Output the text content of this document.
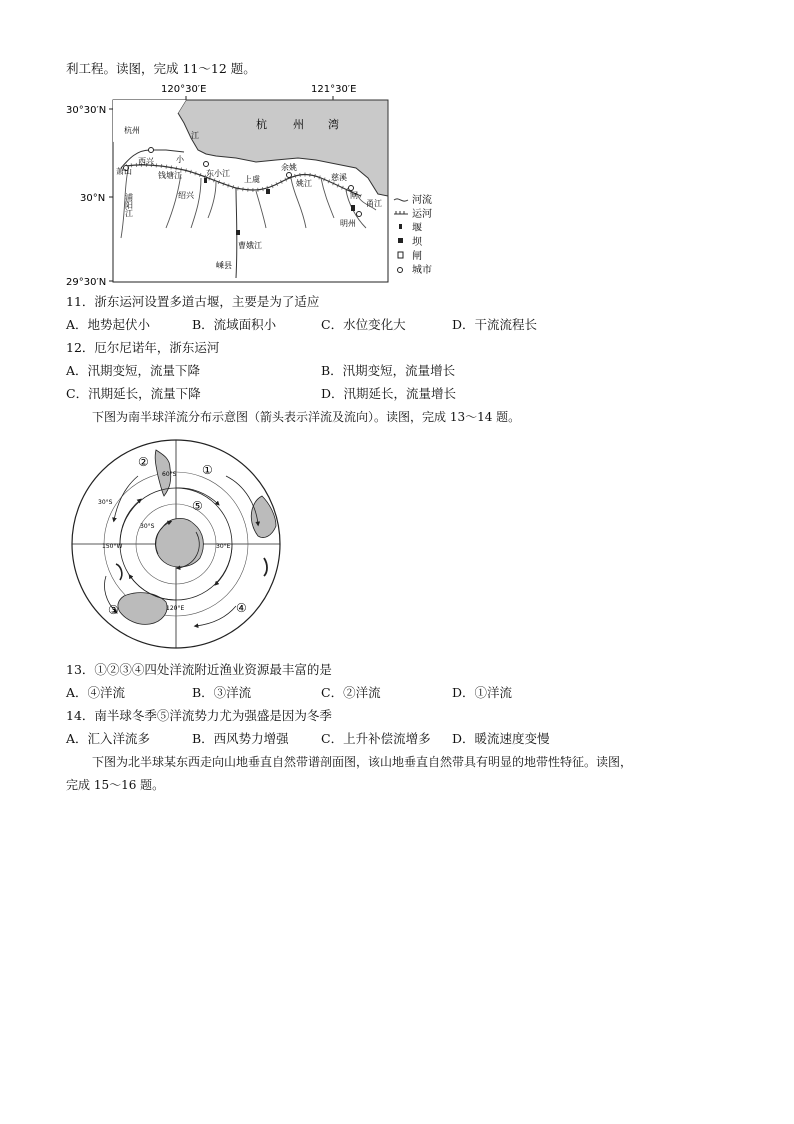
利工程。读图，完成 11～12 题。
120°30′E	121°30′E
30°30′N
30°N
29°30′N
杭 州 湾
杭州
萧山
浦阳江
西兴
钱塘江
小
江
绍兴
东小江
余姚
姚江
慈溪
上虞
曹娥江
嵊县
明州
甬江
闸	河流
运河
堰
坝
闸
城市
11．浙东运河设置多道古堰，主要是为了适应
A．地势起伏小	B．流域面积小	C．水位变化大	D．干流流程长
12．厄尔尼诺年，浙东运河
A．汛期变短，流量下降	B．汛期变短，流量增长
C．汛期延长，流量下降	D．汛期延长，流量增长
下图为南半球洋流分布示意图（箭头表示洋流及流向）。读图，完成 13～14 题。
①
②
③	④
⑤
60°S
30°S
30°S
150°W	30°E
120°E
13．①②③④四处洋流附近渔业资源最丰富的是
A．④洋流	B．③洋流	C．②洋流	D．①洋流
14．南半球冬季⑤洋流势力尤为强盛是因为冬季
A．汇入洋流多	B．西风势力增强	C．上升补偿流增多 D．暖流速度变慢
下图为北半球某东西走向山地垂直自然带谱剖面图，该山地垂直自然带具有明显的地带性特征。读图，
完成 15～16 题。
